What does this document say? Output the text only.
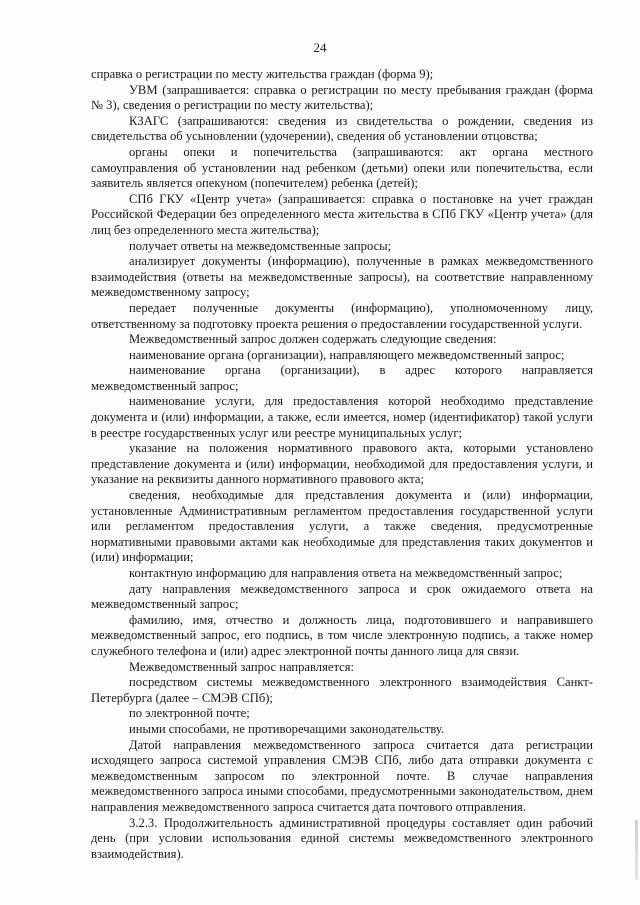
24

справка о регистрации по месту жительства граждан (форма 9);

УВМ (запрашивается: справка о регистрации по месту пребывания граждан (форма № 3), сведения о регистрации по месту жительства);

КЗАГС (запрашиваются: сведения из свидетельства о рождении, сведения из свидетельства об усыновлении (удочерении), сведения об установлении отцовства;

органы опеки и попечительства (запрашиваются: акт органа местного самоуправления об установлении над ребенком (детьми) опеки или попечительства, если заявитель является опекуном (попечителем) ребенка (детей);

СПб ГКУ «Центр учета» (запрашивается: справка о постановке на учет граждан Российской Федерации без определенного места жительства в СПб ГКУ «Центр учета» (для лиц без определенного места жительства);

получает ответы на межведомственные запросы;

анализирует документы (информацию), полученные в рамках межведомственного взаимодействия (ответы на межведомственные запросы), на соответствие направленному межведомственному запросу;

передает полученные документы (информацию), уполномоченному лицу, ответственному за подготовку проекта решения о предоставлении государственной услуги.

Межведомственный запрос должен содержать следующие сведения:

наименование органа (организации), направляющего межведомственный запрос;

наименование органа (организации), в адрес которого направляется межведомственный запрос;

наименование услуги, для предоставления которой необходимо представление документа и (или) информации, а также, если имеется, номер (идентификатор) такой услуги в реестре государственных услуг или реестре муниципальных услуг;

указание на положения нормативного правового акта, которыми установлено представление документа и (или) информации, необходимой для предоставления услуги, и указание на реквизиты данного нормативного правового акта;

сведения, необходимые для представления документа и (или) информации, установленные Административным регламентом предоставления государственной услуги или регламентом предоставления услуги, а также сведения, предусмотренные нормативными правовыми актами как необходимые для представления таких документов и (или) информации;

контактную информацию для направления ответа на межведомственный запрос;

дату направления межведомственного запроса и срок ожидаемого ответа на межведомственный запрос;

фамилию, имя, отчество и должность лица, подготовившего и направившего межведомственный запрос, его подпись, в том числе электронную подпись, а также номер служебного телефона и (или) адрес электронной почты данного лица для связи.

Межведомственный запрос направляется:

посредством системы межведомственного электронного взаимодействия Санкт-Петербурга (далее – СМЭВ СПб);

по электронной почте;

иными способами, не противоречащими законодательству.

Датой направления межведомственного запроса считается дата регистрации исходящего запроса системой управления СМЭВ СПб, либо дата отправки документа с межведомственным запросом по электронной почте. В случае направления межведомственного запроса иными способами, предусмотренными законодательством, днем направления межведомственного запроса считается дата почтового отправления.

3.2.3. Продолжительность административной процедуры составляет один рабочий день (при условии использования единой системы межведомственного электронного взаимодействия).
